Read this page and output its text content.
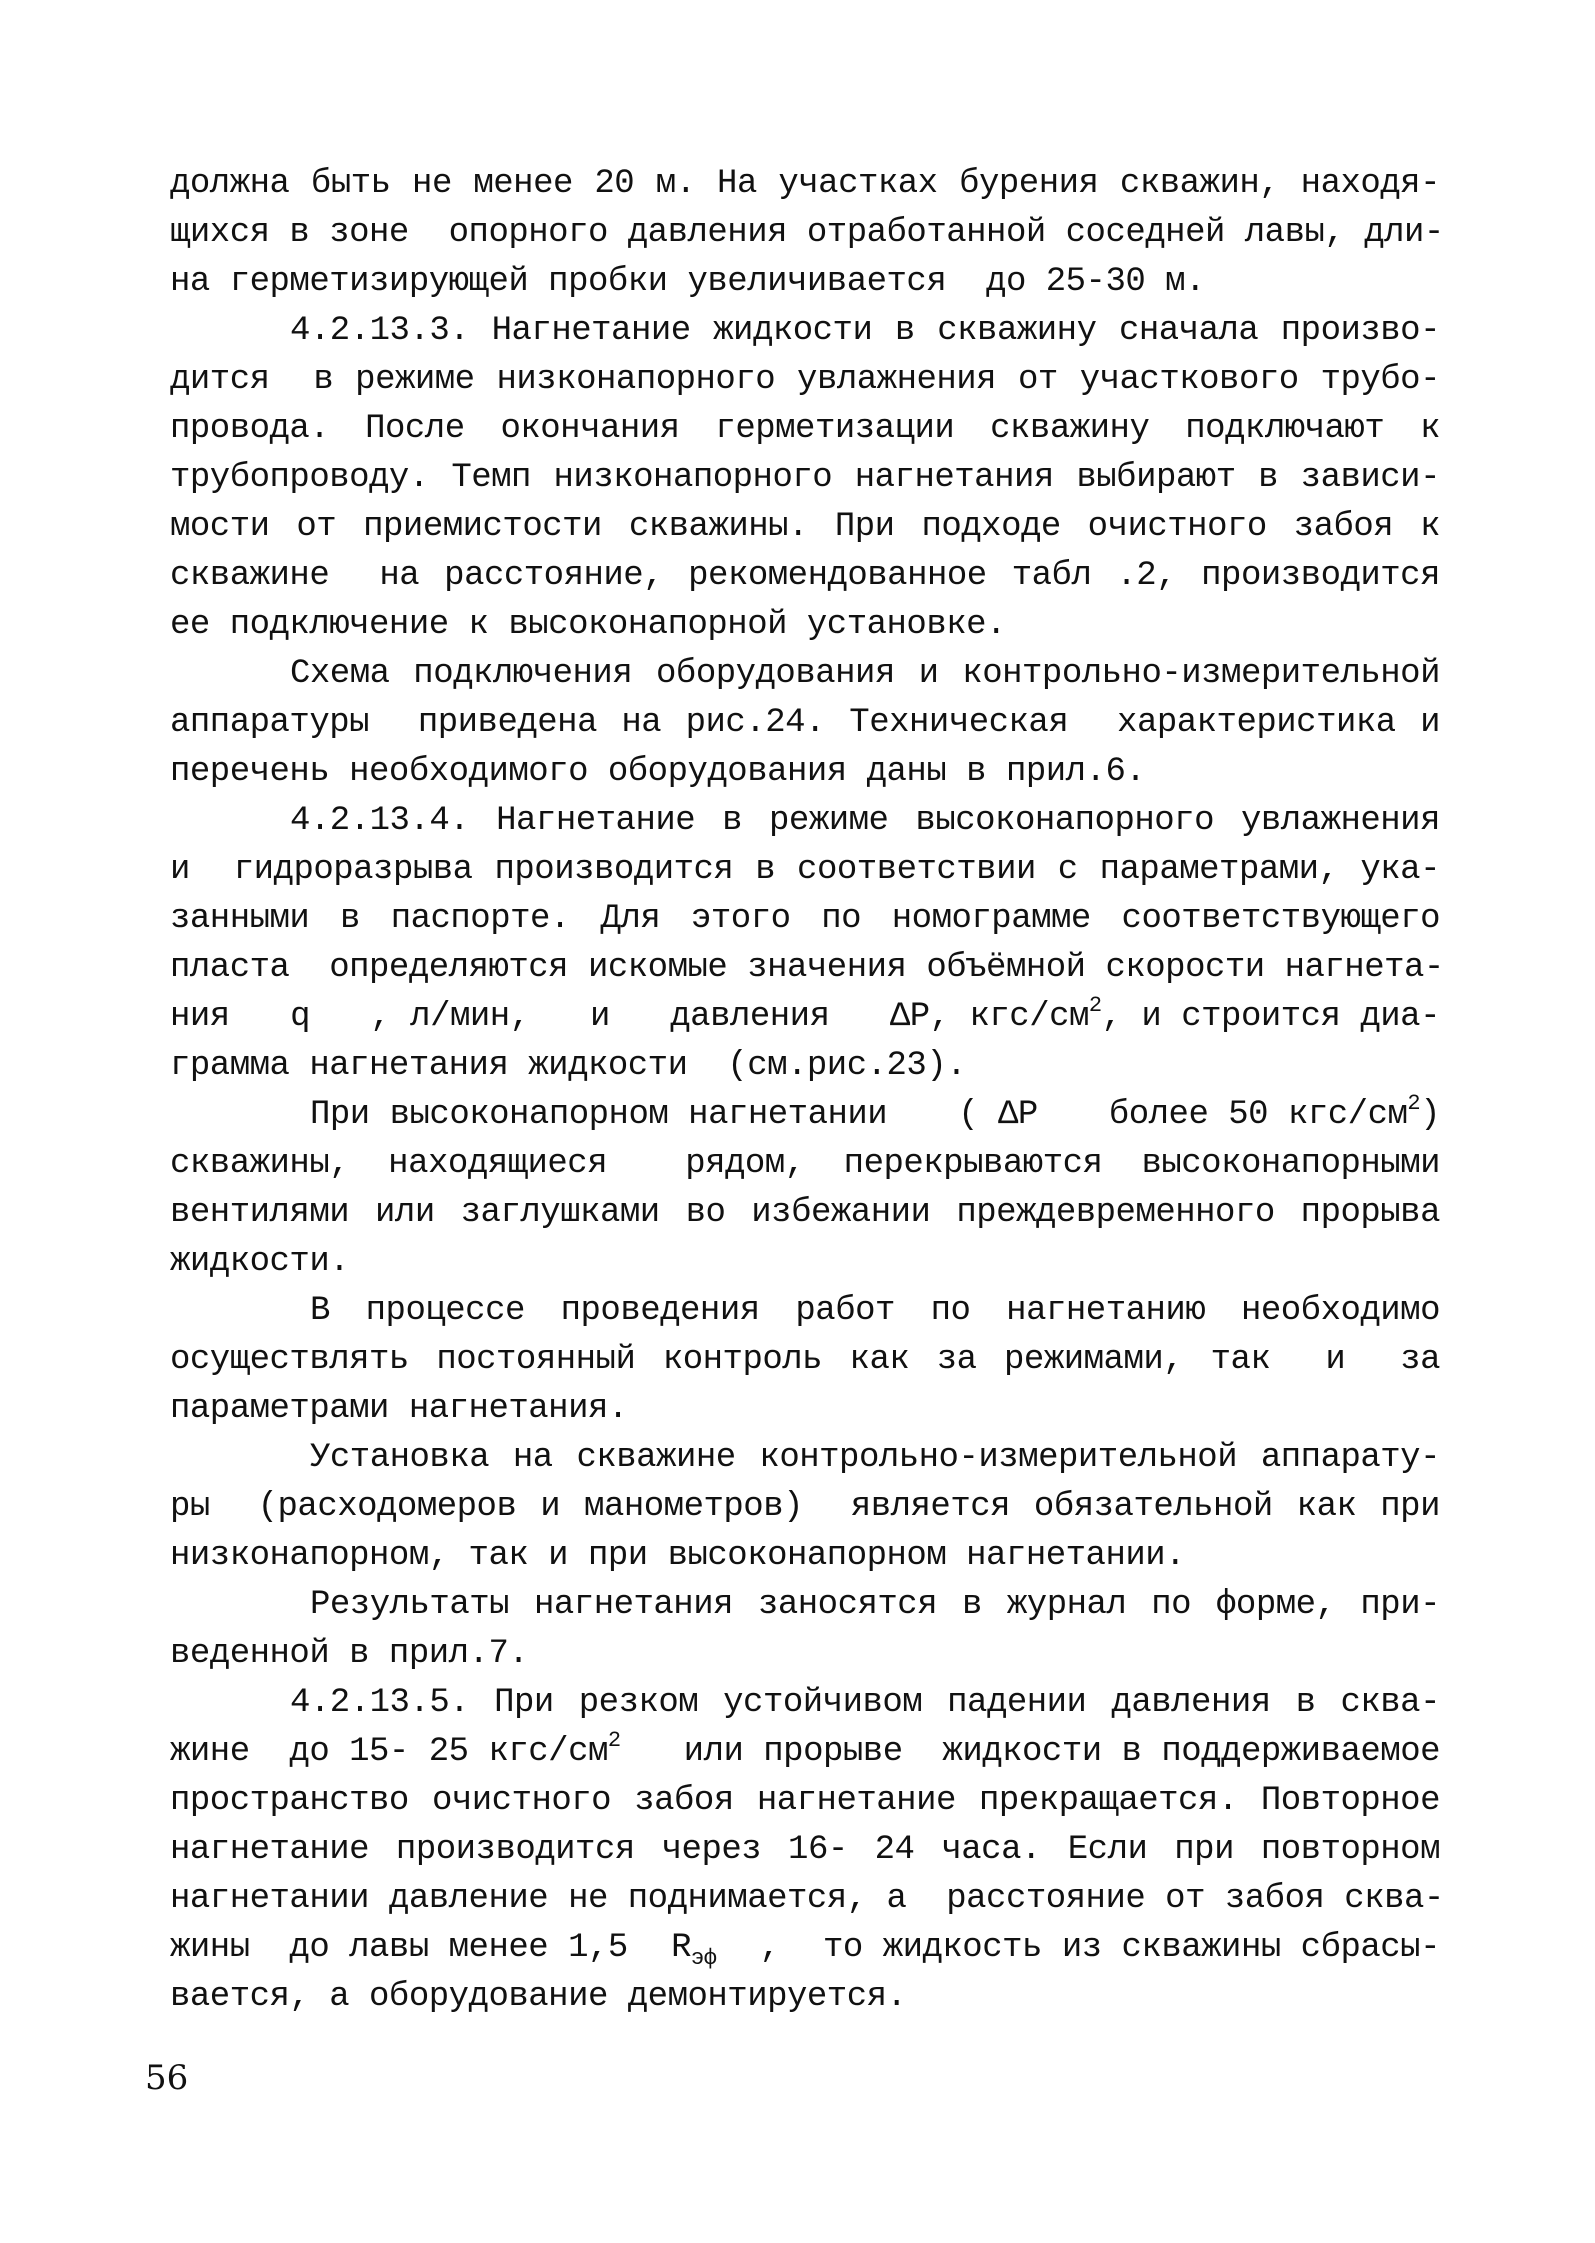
должна быть не менее 20 м. На участках бурения скважин, находя-
щихся в зоне  опорного давления отработанной соседней лавы, дли-
на герметизирующей пробки увеличивается  до 25-30 м.
4.2.13.3. Нагнетание жидкости в скважину сначала произво-
дится  в режиме низконапорного увлажнения от участкового трубо-
провода. После окончания герметизации скважину подключают к
трубопроводу. Темп низконапорного нагнетания выбирают в зависи-
мости от приемистости скважины. При подходе очистного забоя к
скважине  на расстояние, рекомендованное табл .2, производится
ее подключение к высоконапорной установке.
Схема подключения оборудования и контрольно-измерительной
аппаратуры  приведена на рис.24. Техническая  характеристика и
перечень необходимого оборудования даны в прил.6.
4.2.13.4. Нагнетание в режиме высоконапорного увлажнения
и  гидроразрыва производится в соответствии с параметрами, ука-
занными в паспорте. Для этого по номограмме соответствующего
пласта  определяются искомые значения объёмной скорости нагнета-
ния q , л/мин, и давления ΔР, кгс/$см^2$, и строится диа-
грамма нагнетания жидкости  (см.рис.23).
При высоконапорном нагнетании ( ΔР более 50 кгс/$см^2$)
скважины, находящиеся  рядом, перекрываются высоконапорными
вентилями или заглушками во избежании преждевременного прорыва
жидкости.
В процессе проведения работ по нагнетанию необходимо
осуществлять постоянный контроль как за режимами, так  и  за
параметрами нагнетания.
Установка на скважине контрольно-измерительной аппарату-
ры  (расходомеров и манометров)  является обязательной как при
низконапорном, так и при высоконапорном нагнетании.
Результаты нагнетания заносятся в журнал по форме, при-
веденной в прил.7.
4.2.13.5. При резком устойчивом падении давления в сква-
жине  до 15- 25 кгс/$см^2$ или прорыве  жидкости в поддерживаемое
пространство очистного забоя нагнетание прекращается. Повторное
нагнетание производится через 16- 24 часа. Если при повторном
нагнетании давление не поднимается, а  расстояние от забоя сква-
жины  до лавы менее 1,5 $R_{эф}$ , то жидкость из скважины сбрасы-
вается, а оборудование демонтируется.
56
